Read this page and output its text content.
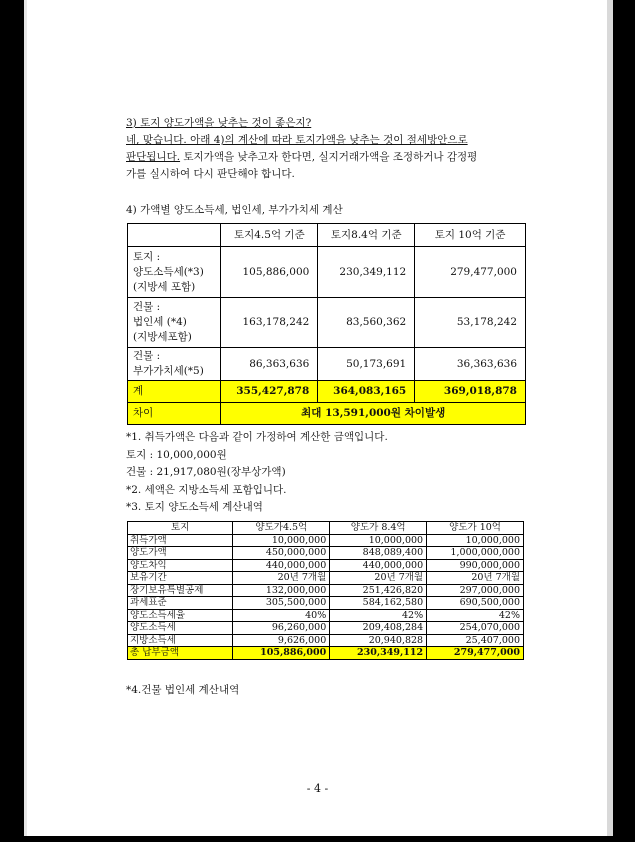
3) 토지 양도가액을 낮추는 것이 좋은지?
네, 맞습니다. 아래 4)의 계산에 따라 토지가액을 낮추는 것이 절세방안으로
판단됩니다. 토지가액을 낮추고자 한다면, 실지거래가액을 조정하거나 감정평
가를 실시하여 다시 판단해야 합니다.
4) 가액별 양도소득세, 법인세, 부가가치세 계산
	토지4.5억 기준	토지8.4억 기준	토지 10억 기준

토지 :
양도소득세(*3)
(지방세 포함)	105,886,000	230,349,112	279,477,000

건물 :
법인세 (*4)
(지방세포함)	163,178,242	83,560,362	53,178,242

건물 :
부가가치세(*5)	86,363,636	50,173,691	36,363,636
계	355,427,878	364,083,165	369,018,878
차이	최대 13,591,000원 차이발생		
*1. 취득가액은 다음과 같이 가정하여 계산한 금액입니다.
토지 : 10,000,000원
건물 : 21,917,080원(장부상가액)
*2. 세액은 지방소득세 포함입니다.
*3. 토지 양도소득세 계산내역
토지	양도가4.5억	양도가 8.4억	양도가 10억
취득가액	10,000,000	10,000,000	10,000,000
양도가액	450,000,000	848,089,400	1,000,000,000
양도차익	440,000,000	440,000,000	990,000,000
보유기간	20년 7개월	20년 7개월	20년 7개월
장기보유특별공제	132,000,000	251,426,820	297,000,000
과세표준	305,500,000	584,162,580	690,500,000
양도소득세율	40%	42%	42%
양도소득세	96,260,000	209,408,284	254,070,000
지방소득세	9,626,000	20,940,828	25,407,000
총 납부금액	105,886,000	230,349,112	279,477,000
*4.건물 법인세 계산내역
- 4 -
